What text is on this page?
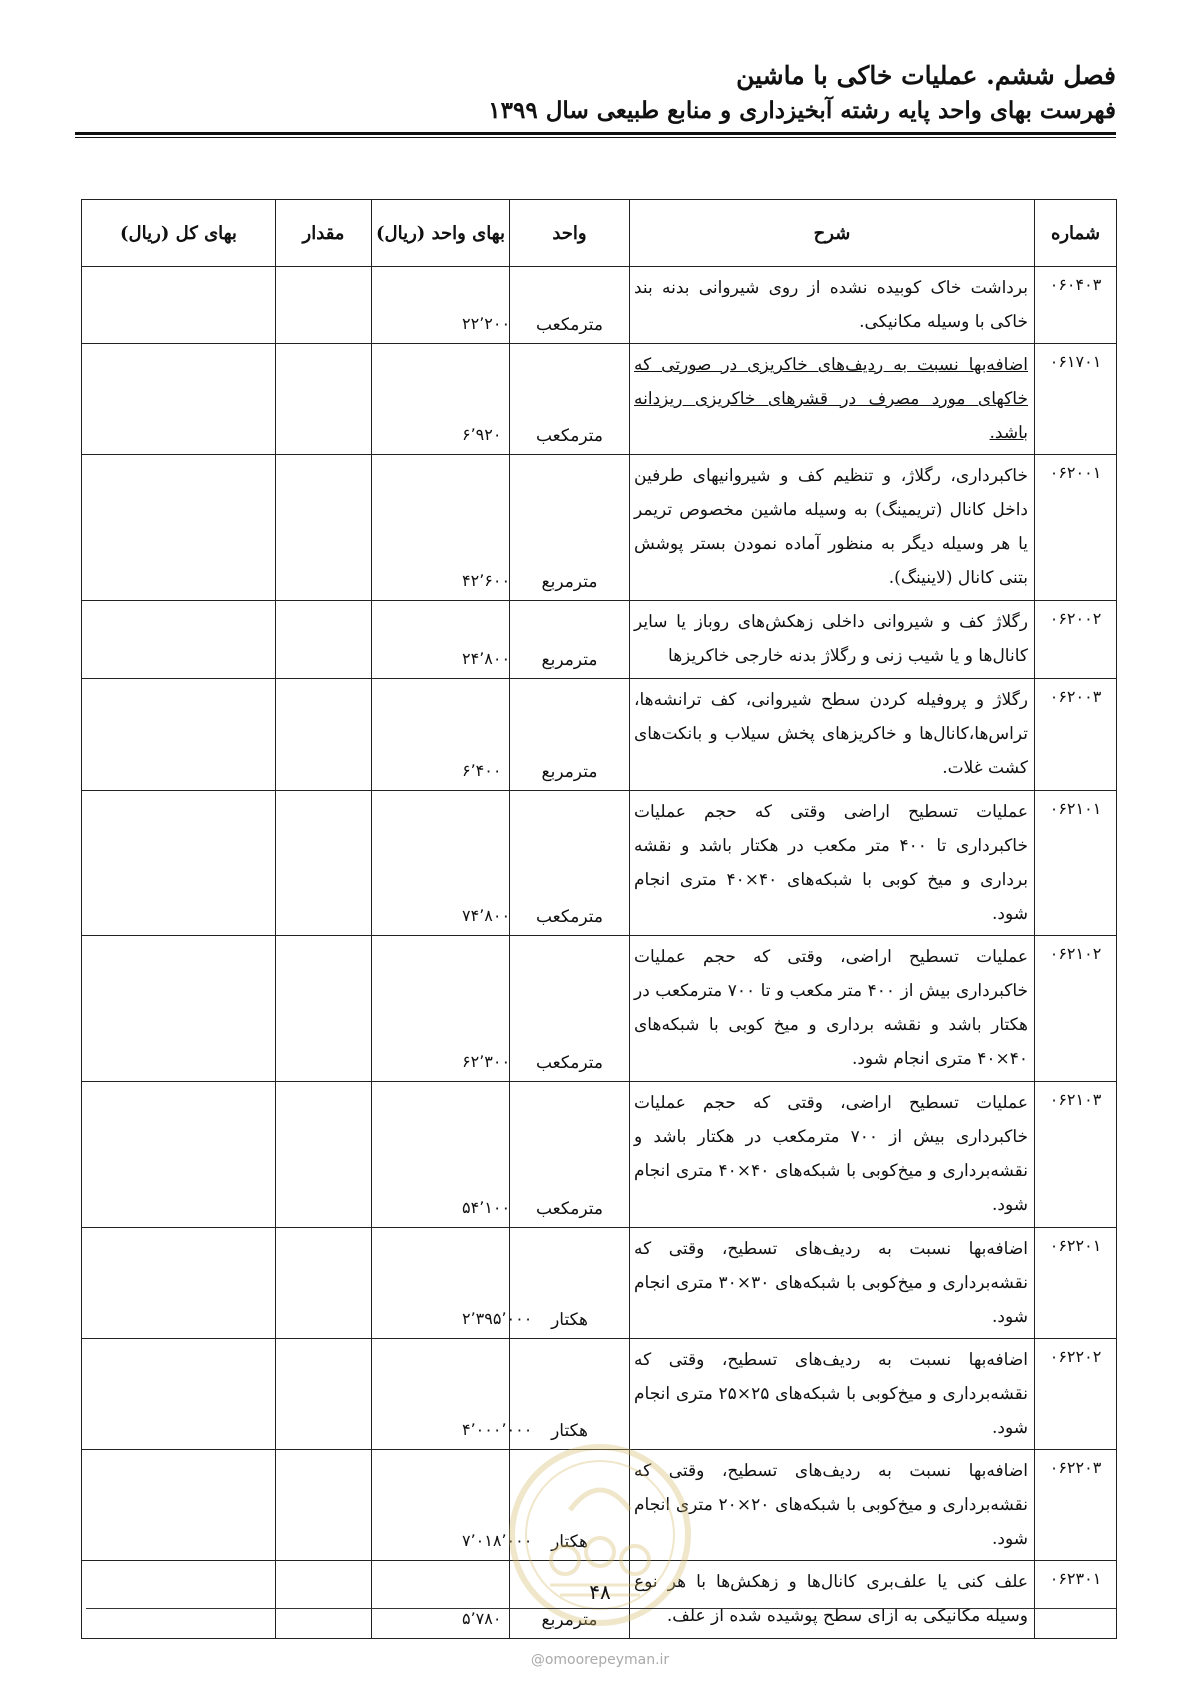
فصل ششم. عملیات خاکی با ماشین
فهرست بهای واحد پایه رشته آبخیزداری و منابع طبیعی سال ۱۳۹۹
شماره	شرح	واحد	بهای واحد (ریال)	مقدار	بهای کل (ریال)
۰۶۰۴۰۳	برداشت خاک کوبیده نشده از روی شیروانی بدنه بند خاکی با وسیله مکانیکی.	مترمکعب	۲۲٬۲۰۰		
۰۶۱۷۰۱	اضافه‌بها نسبت به ردیف‌های خاکریزی در صورتی که خاکهای مورد مصرف در قشرهای خاکریزی ریزدانه باشد.	مترمکعب	۶٬۹۲۰		
۰۶۲۰۰۱	خاکبرداری، رگلاژ، و تنظیم کف و شیروانیهای طرفین داخل کانال (تریمینگ) به وسیله ماشین مخصوص تریمر یا هر وسیله دیگر به منظور آماده نمودن بستر پوشش بتنی کانال (لاینینگ).	مترمربع	۴۲٬۶۰۰		
۰۶۲۰۰۲	رگلاژ کف و شیروانی داخلی زهکش‌های روباز یا سایر کانال‌ها و یا شیب زنی و رگلاژ بدنه خارجی خاکریزها	مترمربع	۲۴٬۸۰۰		
۰۶۲۰۰۳	رگلاژ و پروفیله کردن سطح شیروانی، کف ترانشه‌ها، تراس‌ها،کانال‌ها و خاکریزهای پخش سیلاب و بانکت‌های کشت غلات.	مترمربع	۶٬۴۰۰		
۰۶۲۱۰۱	عملیات تسطیح اراضی وقتی که حجم عملیات خاکبرداری تا ۴۰۰ متر مکعب در هکتار باشد و نقشه برداری و میخ کوبی با شبکه‌های ۴۰×۴۰ متری انجام شود.	مترمکعب	۷۴٬۸۰۰		
۰۶۲۱۰۲	عملیات تسطیح اراضی، وقتی که حجم عملیات خاکبرداری بیش از ۴۰۰ متر مکعب و تا ۷۰۰ مترمکعب در هکتار باشد و نقشه برداری و میخ کوبی با شبکه‌های ۴۰×۴۰ متری انجام شود.	مترمکعب	۶۲٬۳۰۰		
۰۶۲۱۰۳	عملیات تسطیح اراضی، وقتی که حجم عملیات خاکبرداری بیش از ۷۰۰ مترمکعب در هکتار باشد و نقشه‌برداری و میخ‌کوبی با شبکه‌های ۴۰×۴۰ متری انجام شود.	مترمکعب	۵۴٬۱۰۰		
۰۶۲۲۰۱	اضافه‌بها نسبت به ردیف‌های تسطیح، وقتی که نقشه‌برداری و میخ‌کوبی با شبکه‌های ۳۰×۳۰ متری انجام شود.	هکتار	۲٬۳۹۵٬۰۰۰		
۰۶۲۲۰۲	اضافه‌بها نسبت به ردیف‌های تسطیح، وقتی که نقشه‌برداری و میخ‌کوبی با شبکه‌های ۲۵×۲۵ متری انجام شود.	هکتار	۴٬۰۰۰٬۰۰۰		
۰۶۲۲۰۳	اضافه‌بها نسبت به ردیف‌های تسطیح، وقتی که نقشه‌برداری و میخ‌کوبی با شبکه‌های ۲۰×۲۰ متری انجام شود.	هکتار	۷٬۰۱۸٬۰۰۰		
۰۶۲۳۰۱	علف کنی یا علف‌بری کانال‌ها و زهکش‌ها با هر نوع وسیله مکانیکی به ازای سطح پوشیده شده از علف.	مترمربع	۵٬۷۸۰		
۴۸
@omoorepeyman.ir
